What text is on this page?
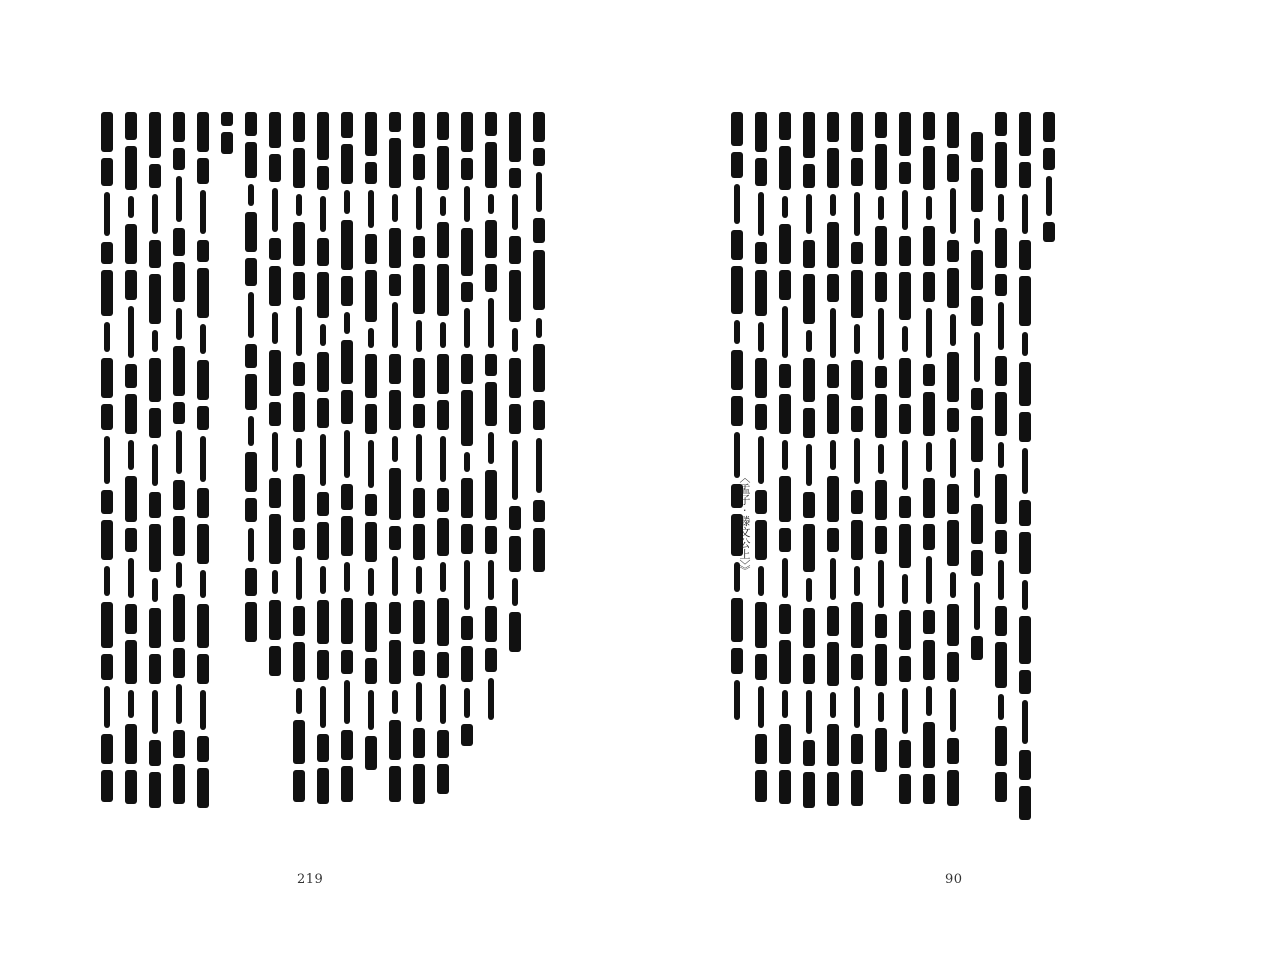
219
〈孟子 · 滕文公上〉》
90
